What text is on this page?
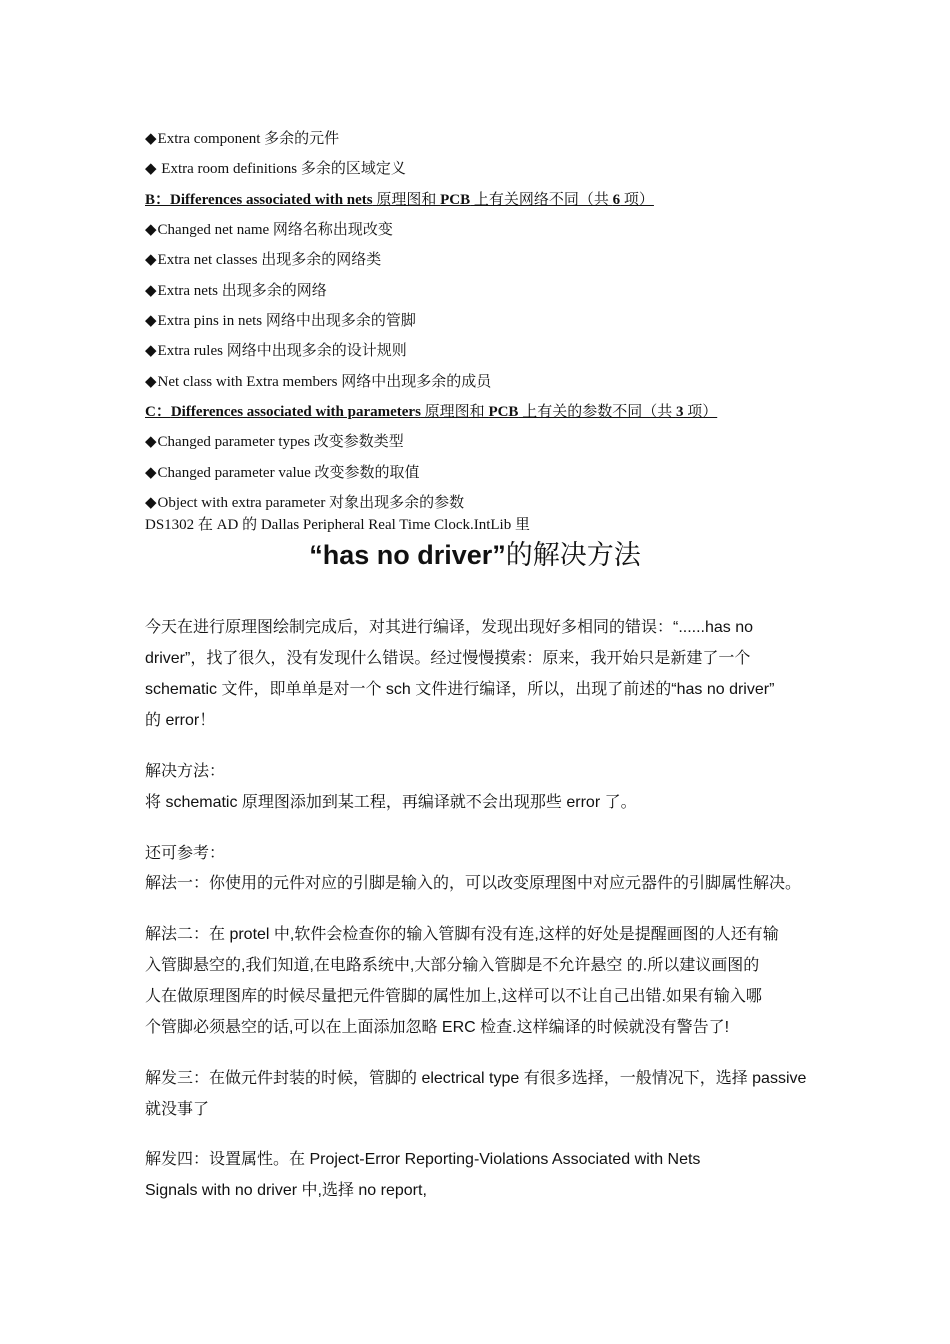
◆Extra component 多余的元件
◆ Extra room definitions 多余的区域定义
B：Differences associated with nets 原理图和 PCB 上有关网络不同（共 6 项）
◆Changed net name 网络名称出现改变
◆Extra net classes 出现多余的网络类
◆Extra nets 出现多余的网络
◆Extra pins in nets 网络中出现多余的管脚
◆Extra rules 网络中出现多余的设计规则
◆Net class with Extra members 网络中出现多余的成员
C：Differences associated with parameters 原理图和 PCB 上有关的参数不同（共 3 项）
◆Changed parameter types 改变参数类型
◆Changed parameter value 改变参数的取值
◆Object with extra parameter 对象出现多余的参数
DS1302 在 AD 的 Dallas Peripheral Real Time Clock.IntLib 里
“has no driver”的解决方法
今天在进行原理图绘制完成后，对其进行编译，发现出现好多相同的错误：“......has no
driver”，找了很久，没有发现什么错误。经过慢慢摸索：原来，我开始只是新建了一个
schematic 文件，即单单是对一个 sch 文件进行编译，所以，出现了前述的“has no driver”
的 error！
解决方法：
将 schematic 原理图添加到某工程，再编译就不会出现那些 error 了。
还可参考：
解法一：你使用的元件对应的引脚是输入的，可以改变原理图中对应元器件的引脚属性解决。
解法二：在 protel 中,软件会检查你的输入管脚有没有连,这样的好处是提醒画图的人还有输
入管脚悬空的,我们知道,在电路系统中,大部分输入管脚是不允许悬空 的.所以建议画图的
人在做原理图库的时候尽量把元件管脚的属性加上,这样可以不让自己出错.如果有输入哪
个管脚必须悬空的话,可以在上面添加忽略 ERC 检查.这样编译的时候就没有警告了!
解发三：在做元件封装的时候，管脚的 electrical type 有很多选择，一般情况下，选择 passive
就没事了
解发四：设置属性。在 Project-Error Reporting-Violations Associated with Nets
Signals with no driver 中,选择 no report,
